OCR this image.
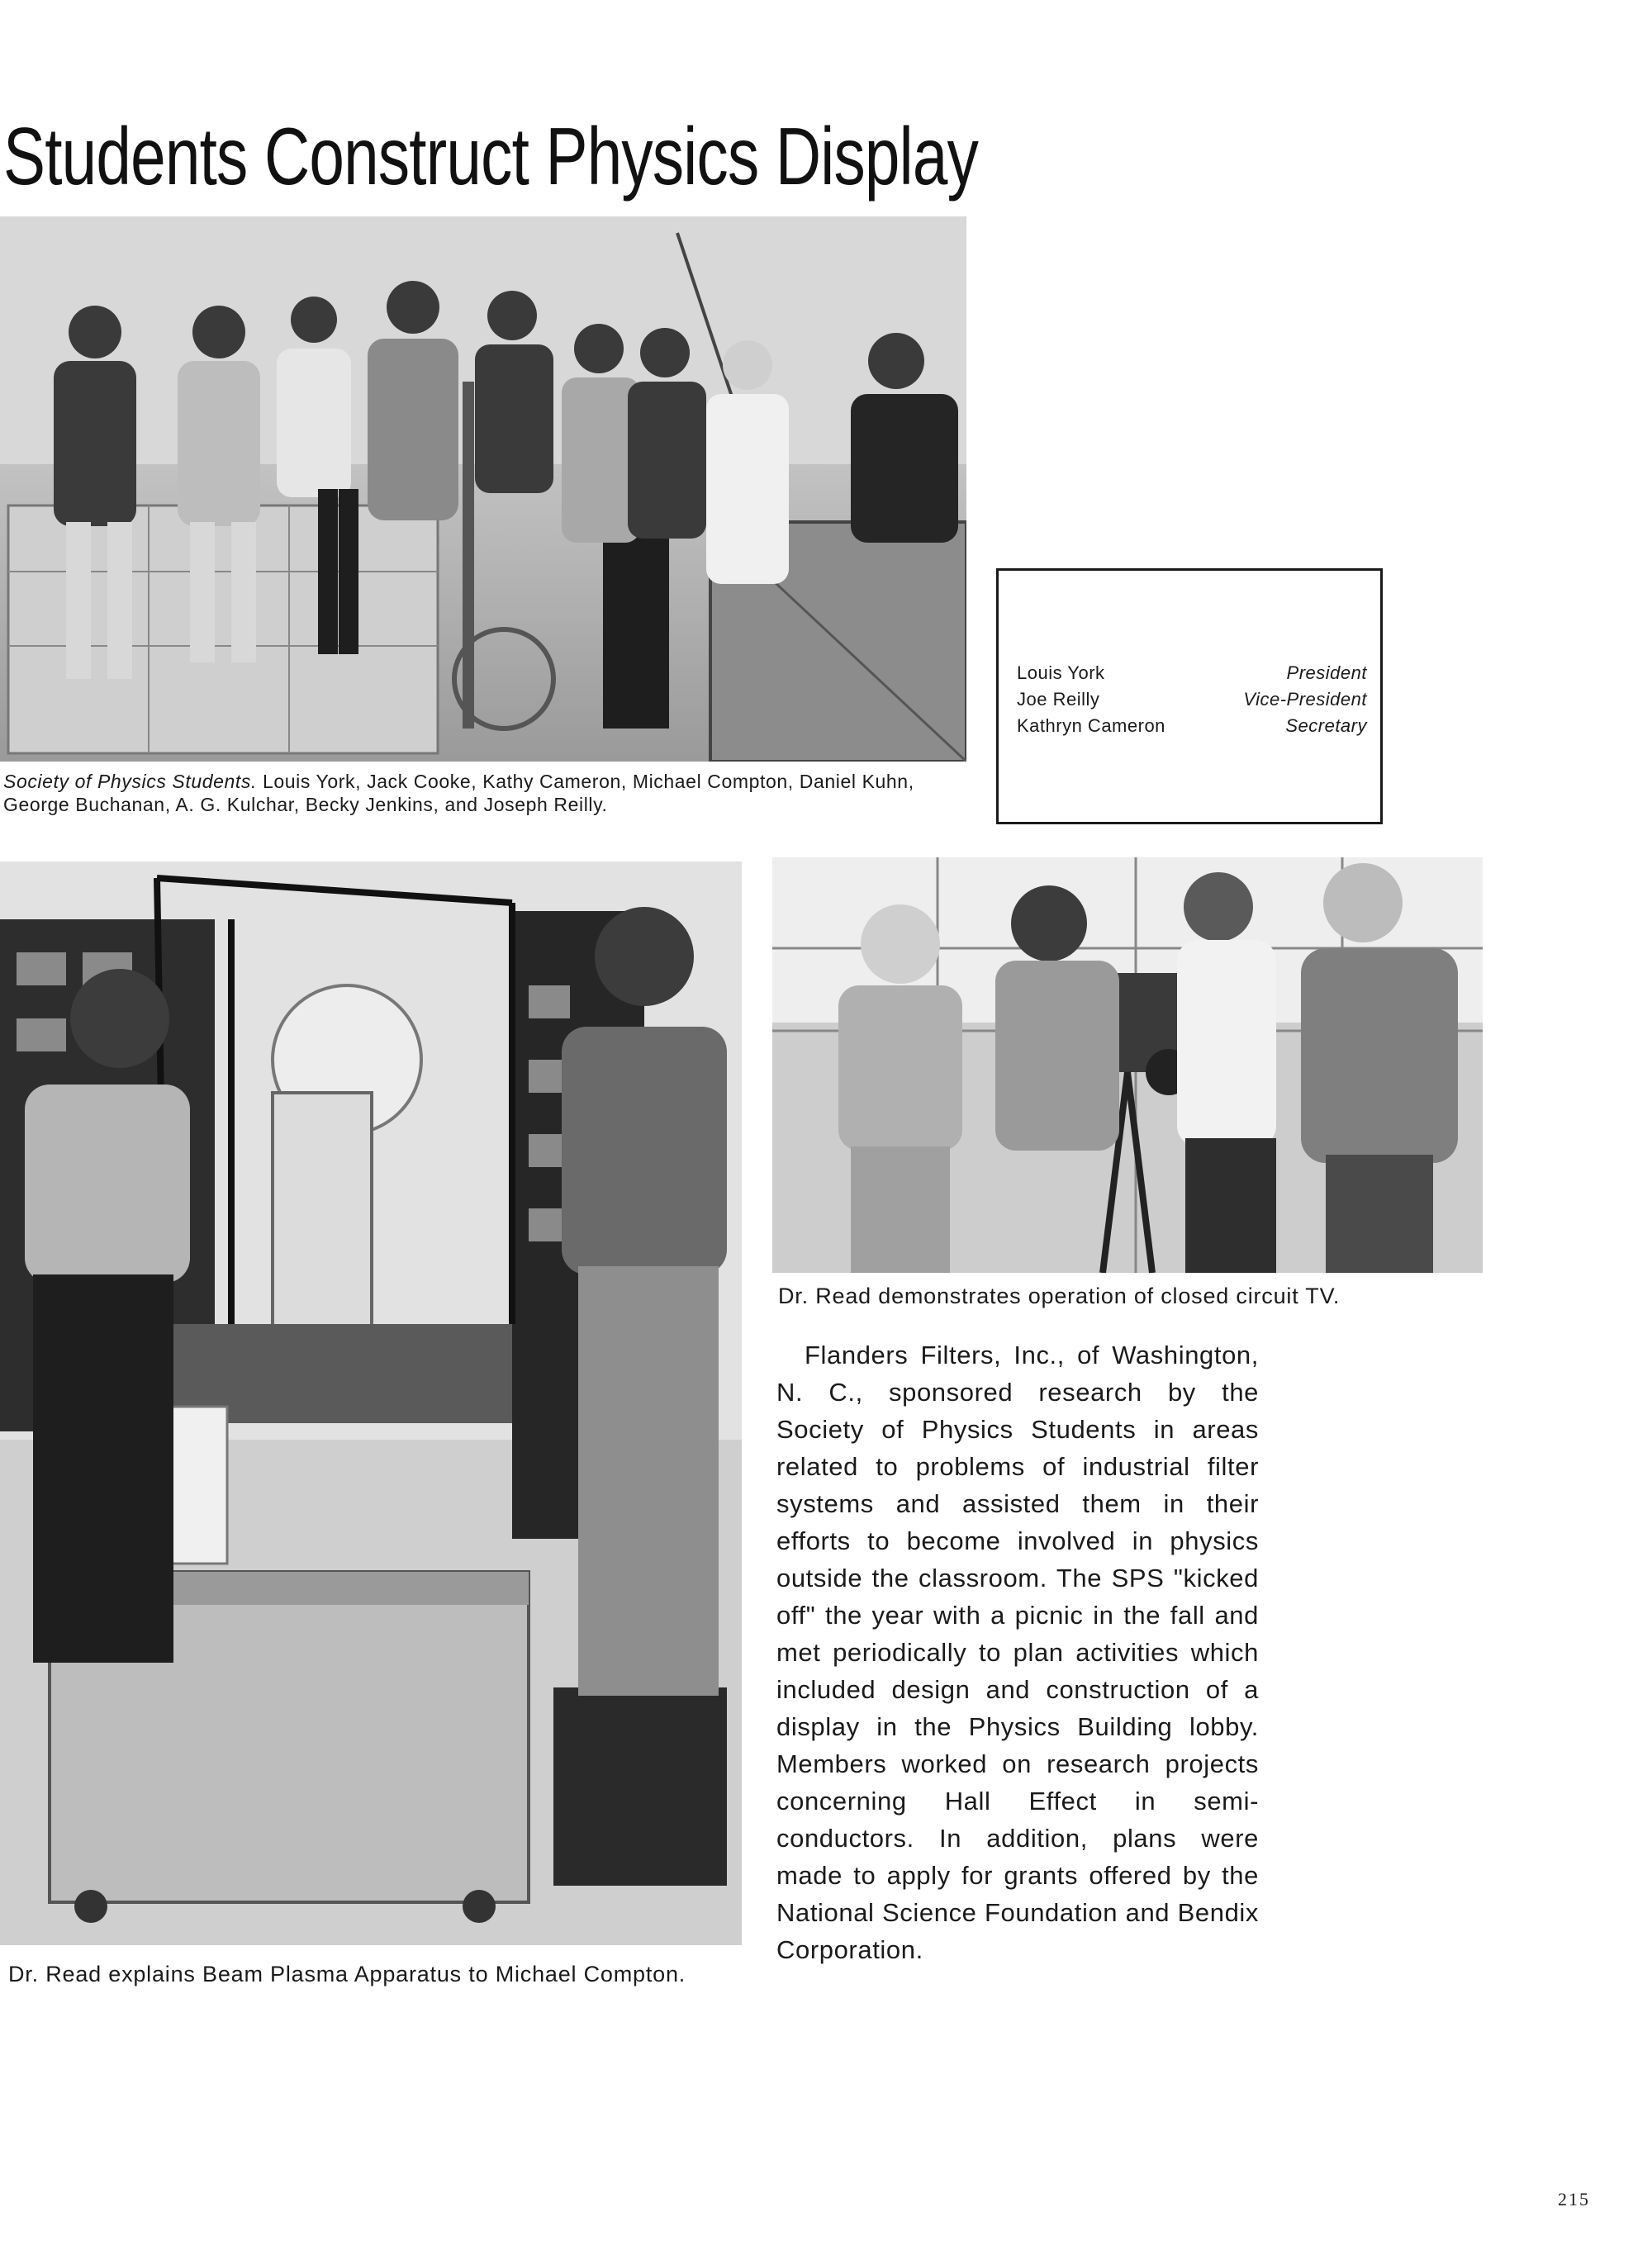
Students Construct Physics Display

Society of Physics Students. Louis York, Jack Cooke, Kathy Cameron, Michael Compton, Daniel Kuhn, George Buchanan, A. G. Kulchar, Becky Jenkins, and Joseph Reilly.

Louis York	President
Joe Reilly	Vice-President
Kathryn Cameron	Secretary

Dr. Read explains Beam Plasma Apparatus to Michael Compton.

Dr. Read demonstrates operation of closed circuit TV.

Flanders Filters, Inc., of Washington, N. C., sponsored research by the Society of Physics Students in areas related to problems of industrial filter systems and assisted them in their efforts to become involved in physics outside the classroom. The SPS "kicked off" the year with a picnic in the fall and met periodically to plan activities which included design and construction of a display in the Physics Building lobby. Members worked on research projects concerning Hall Effect in semi-conductors. In addition, plans were made to apply for grants offered by the National Science Foundation and Bendix Corporation.

215
